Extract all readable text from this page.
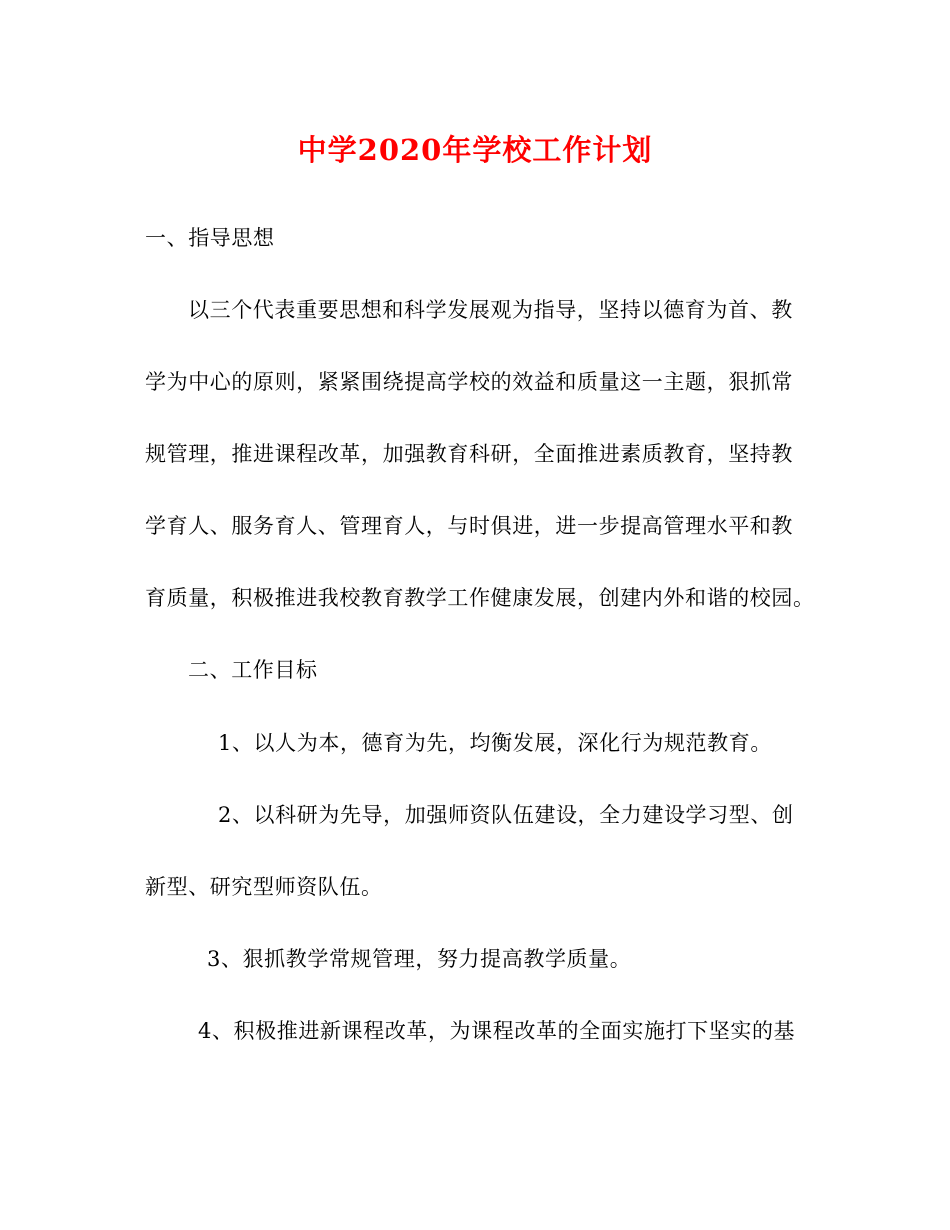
中学2020年学校工作计划
一、指导思想
以三个代表重要思想和科学发展观为指导，坚持以德育为首、教
学为中心的原则，紧紧围绕提高学校的效益和质量这一主题，狠抓常
规管理，推进课程改革，加强教育科研，全面推进素质教育，坚持教
学育人、服务育人、管理育人，与时俱进，进一步提高管理水平和教
育质量，积极推进我校教育教学工作健康发展，创建内外和谐的校园。
二、工作目标
1、以人为本，德育为先，均衡发展，深化行为规范教育。
2、以科研为先导，加强师资队伍建设，全力建设学习型、创
新型、研究型师资队伍。
3、狠抓教学常规管理，努力提高教学质量。
4、积极推进新课程改革，为课程改革的全面实施打下坚实的基
